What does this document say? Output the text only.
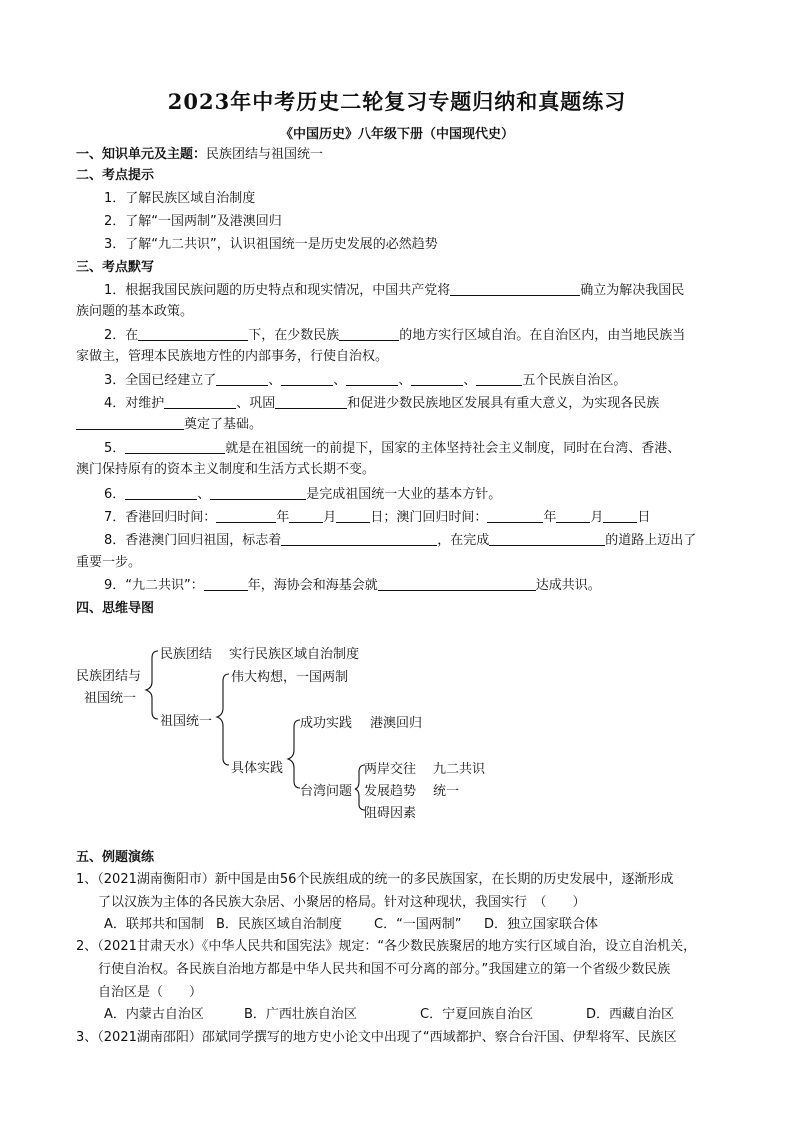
2023年中考历史二轮复习专题归纳和真题练习
《中国历史》八年级下册（中国现代史）
一、知识单元及主题：民族团结与祖国统一
二、考点提示
1．了解民族区域自治制度
2．了解“一国两制”及港澳回归
3．了解“九二共识”，认识祖国统一是历史发展的必然趋势
三、考点默写
1．根据我国民族问题的历史特点和现实情况，中国共产党将	确立为解决我国民
族问题的基本政策。
2．在	下，在少数民族	的地方实行区域自治。在自治区内，由当地民族当
家做主，管理本民族地方性的内部事务，行使自治权。
3．全国已经建立了	、	、	、	、	五个民族自治区。
4．对维护	、巩固	和促进少数民族地区发展具有重大意义，为实现各民族
奠定了基础。
5．	就是在祖国统一的前提下，国家的主体坚持社会主义制度，同时在台湾、香港、
澳门保持原有的资本主义制度和生活方式长期不变。
6．	、	是完成祖国统一大业的基本方针。
7．香港回归时间：	年	月	日；澳门回归时间：	年	月	日
8．香港澳门回归祖国，标志着	，在完成	的道路上迈出了
重要一步。
9．“九二共识”：	年，海协会和海基会就	达成共识。
四、思维导图
民族团结与
祖国统一
民族团结 实行民族区域自治制度
祖国统一
伟大构想，一国两制
具体实践
成功实践 港澳回归
台湾问题
两岸交往 九二共识
发展趋势 统一
阻碍因素
五、例题演练
1、（2021湖南衡阳市）新中国是由56个民族组成的统一的多民族国家，在长期的历史发展中，逐渐形成
了以汉族为主体的各民族大杂居、小聚居的格局。针对这种现状，我国实行　（　　）
A．联邦共和国制 B．民族区域自治制度 C．“一国两制” D．独立国家联合体
2、（2021甘肃天水）《中华人民共和国宪法》规定：“各少数民族聚居的地方实行区域自治，设立自治机关，
行使自治权。各民族自治地方都是中华人民共和国不可分离的部分。”我国建立的第一个省级少数民族
自治区是（　　）
A．内蒙古自治区	B．广西壮族自治区	C．宁夏回族自治区	D．西藏自治区
3、（2021湖南邵阳）邵斌同学撰写的地方史小论文中出现了“西域都护、察合台汗国、伊犁将军、民族区
